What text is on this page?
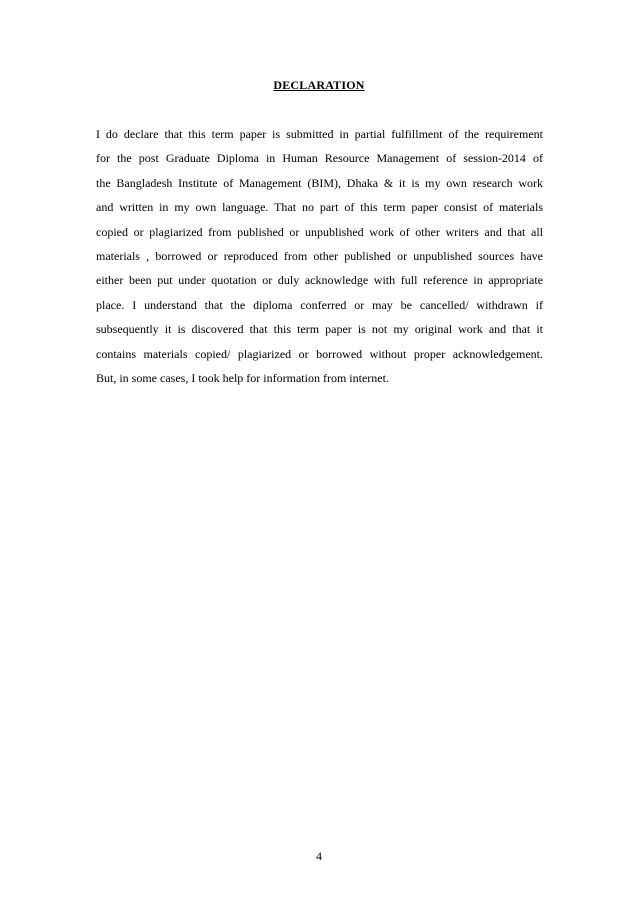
DECLARATION
I do declare that this term paper is submitted in partial fulfillment of the requirement
for the post Graduate Diploma in Human Resource Management of session-2014 of
the Bangladesh Institute of Management (BIM), Dhaka & it is my own research work
and written in my own language. That no part of this term paper consist of materials
copied or plagiarized from published or unpublished work of other writers and that all
materials , borrowed or reproduced from other published or unpublished sources have
either been put under quotation or duly acknowledge with full reference in appropriate
place. I understand that the diploma conferred or may be cancelled/ withdrawn if
subsequently it is discovered that this term paper is not my original work and that it
contains materials copied/ plagiarized or borrowed without proper acknowledgement.
But, in some cases, I took help for information from internet.
4
